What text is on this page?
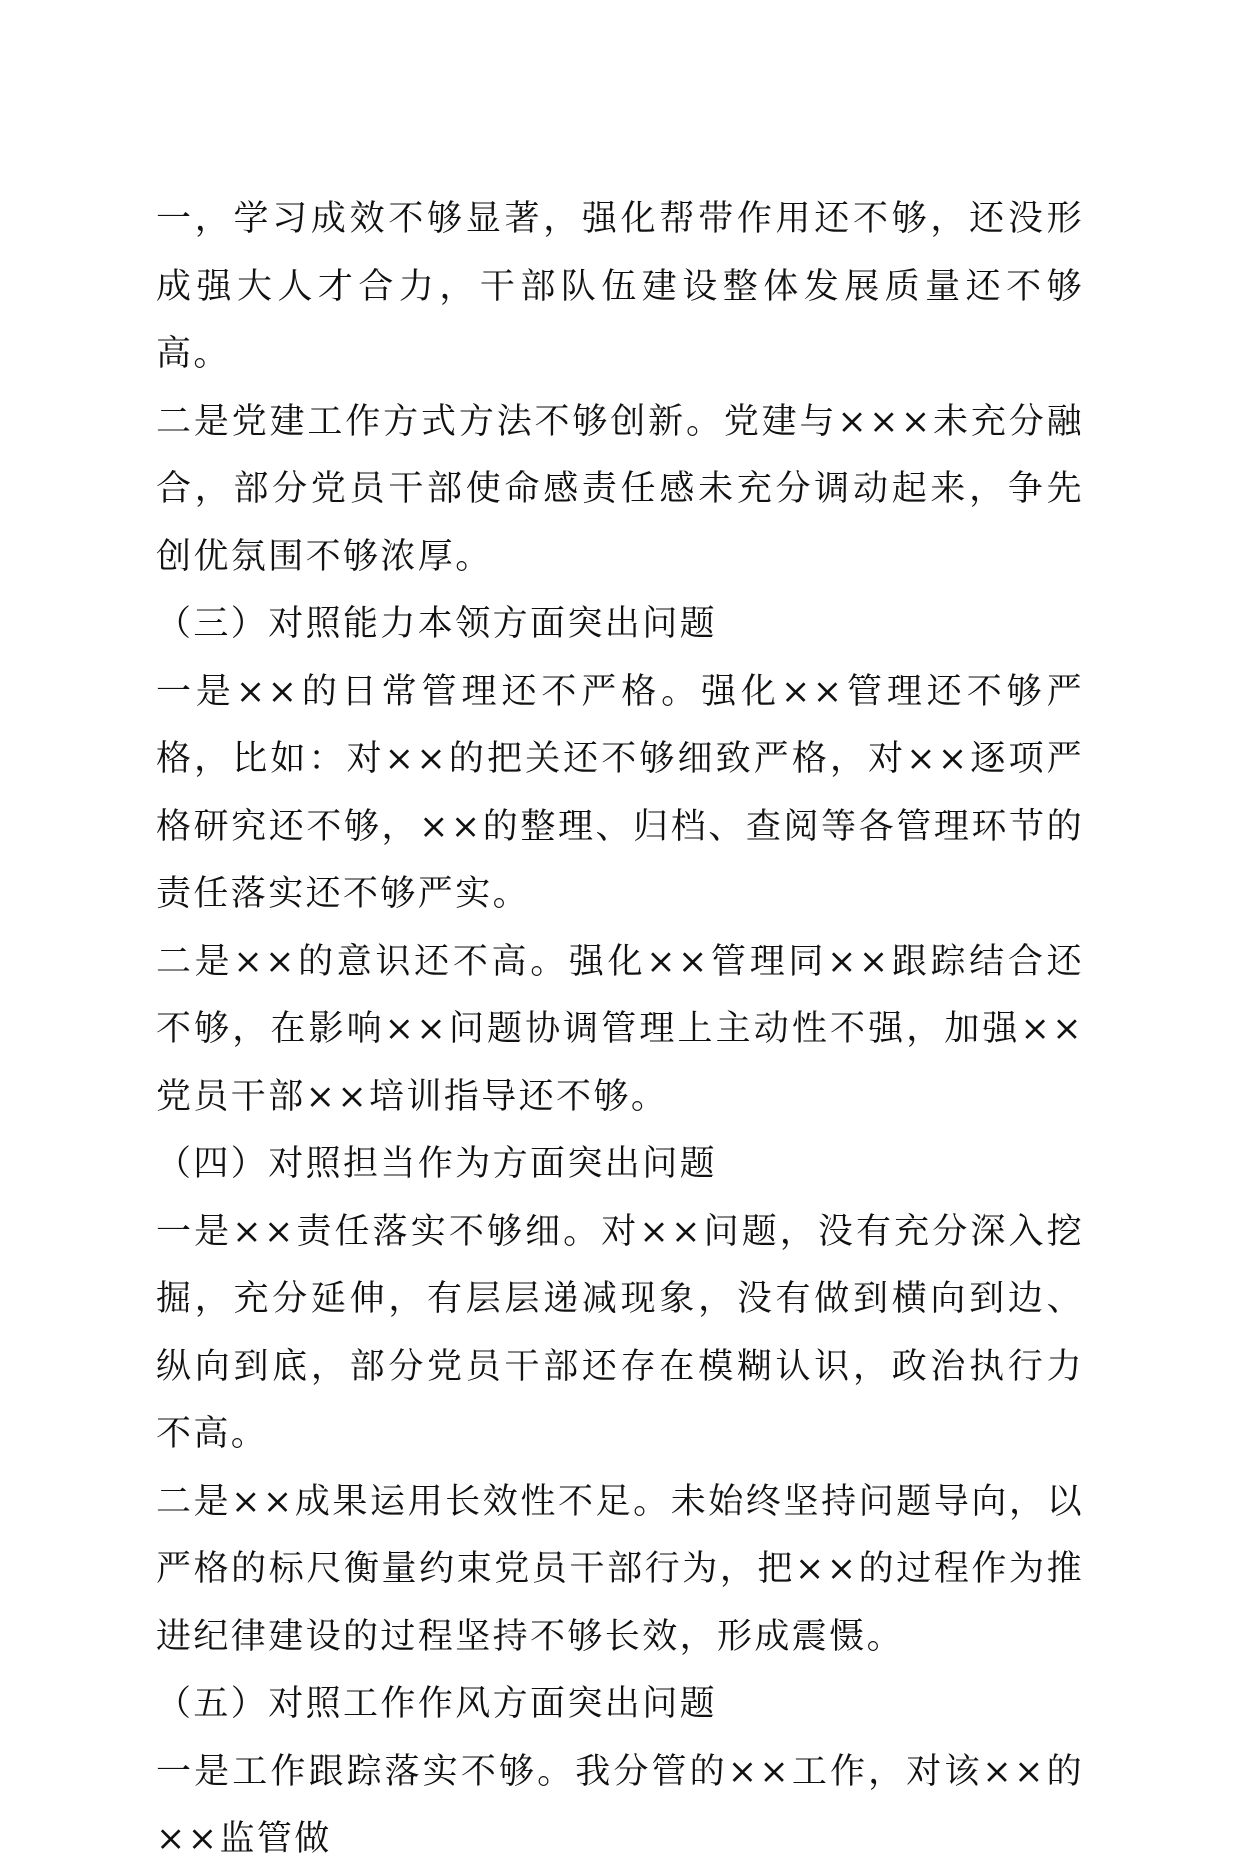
一，学习成效不够显著，强化帮带作用还不够，还没形成强大人才合力，干部队伍建设整体发展质量还不够高。

二是党建工作方式方法不够创新。党建与×××未充分融合，部分党员干部使命感责任感未充分调动起来，争先创优氛围不够浓厚。

（三）对照能力本领方面突出问题

一是××的日常管理还不严格。强化××管理还不够严格，比如：对××的把关还不够细致严格，对××逐项严格研究还不够，××的整理、归档、查阅等各管理环节的责任落实还不够严实。

二是××的意识还不高。强化××管理同××跟踪结合还不够，在影响××问题协调管理上主动性不强，加强××党员干部××培训指导还不够。

（四）对照担当作为方面突出问题

一是××责任落实不够细。对××问题，没有充分深入挖掘，充分延伸，有层层递减现象，没有做到横向到边、纵向到底，部分党员干部还存在模糊认识，政治执行力不高。

二是××成果运用长效性不足。未始终坚持问题导向，以严格的标尺衡量约束党员干部行为，把××的过程作为推进纪律建设的过程坚持不够长效，形成震慑。

（五）对照工作作风方面突出问题

一是工作跟踪落实不够。我分管的××工作，对该××的××监管做
